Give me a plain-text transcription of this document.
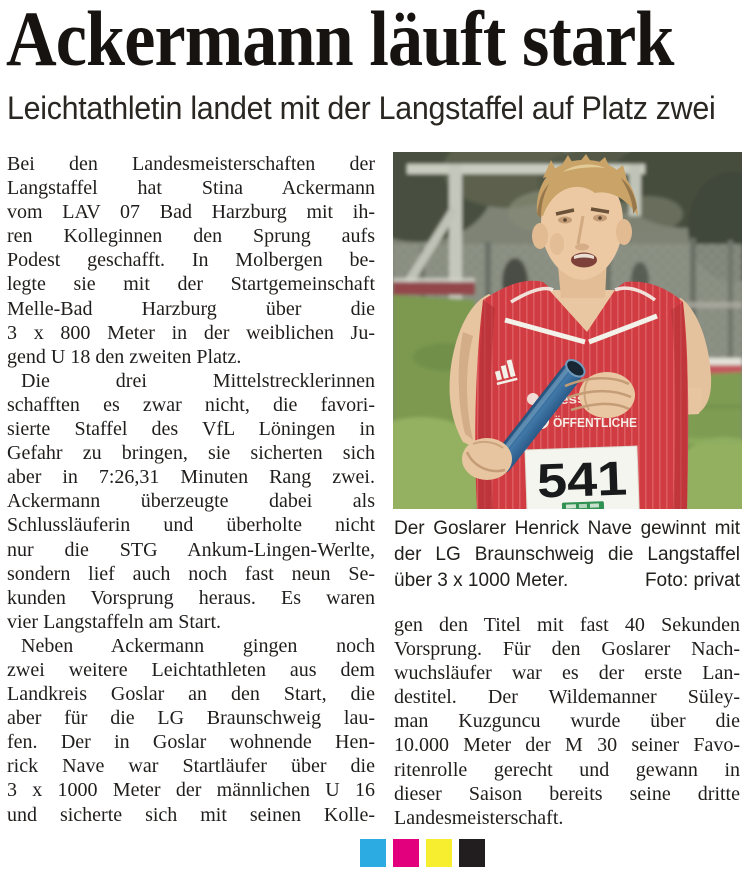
Ackermann läuft stark
Leichtathletin landet mit der Langstaffel auf Platz zwei
Bei den Landesmeisterschaften der
Langstaffel hat Stina Ackermann
vom LAV 07 Bad Harzburg mit ih-
ren Kolleginnen den Sprung aufs
Podest geschafft. In Molbergen be-
legte sie mit der Startgemeinschaft
Melle-Bad Harzburg über die
3 x 800 Meter in der weiblichen Ju-
gend U 18 den zweiten Platz.
Die drei Mittelstrecklerinnen
schafften es zwar nicht, die favori-
sierte Staffel des VfL Löningen in
Gefahr zu bringen, sie sicherten sich
aber in 7:26,31 Minuten Rang zwei.
Ackermann überzeugte dabei als
Schlussläuferin und überholte nicht
nur die STG Ankum-Lingen-Werlte,
sondern lief auch noch fast neun Se-
kunden Vorsprung heraus. Es waren
vier Langstaffeln am Start.
Neben Ackermann gingen noch
zwei weitere Leichtathleten aus dem
Landkreis Goslar an den Start, die
aber für die LG Braunschweig lau-
fen. Der in Goslar wohnende Hen-
rick Nave war Startläufer über die
3 x 1000 Meter der männlichen U 16
und sicherte sich mit seinen Kolle-
ÖFFENTLICHE
541
Der Goslarer Henrick Nave gewinnt mit
der LG Braunschweig die Langstaffel
über 3 x 1000 Meter.	Foto: privat
gen den Titel mit fast 40 Sekunden
Vorsprung. Für den Goslarer Nach-
wuchsläufer war es der erste Lan-
destitel. Der Wildemanner Süley-
man Kuzguncu wurde über die
10.000 Meter der M 30 seiner Favo-
ritenrolle gerecht und gewann in
dieser Saison bereits seine dritte
Landesmeisterschaft.
